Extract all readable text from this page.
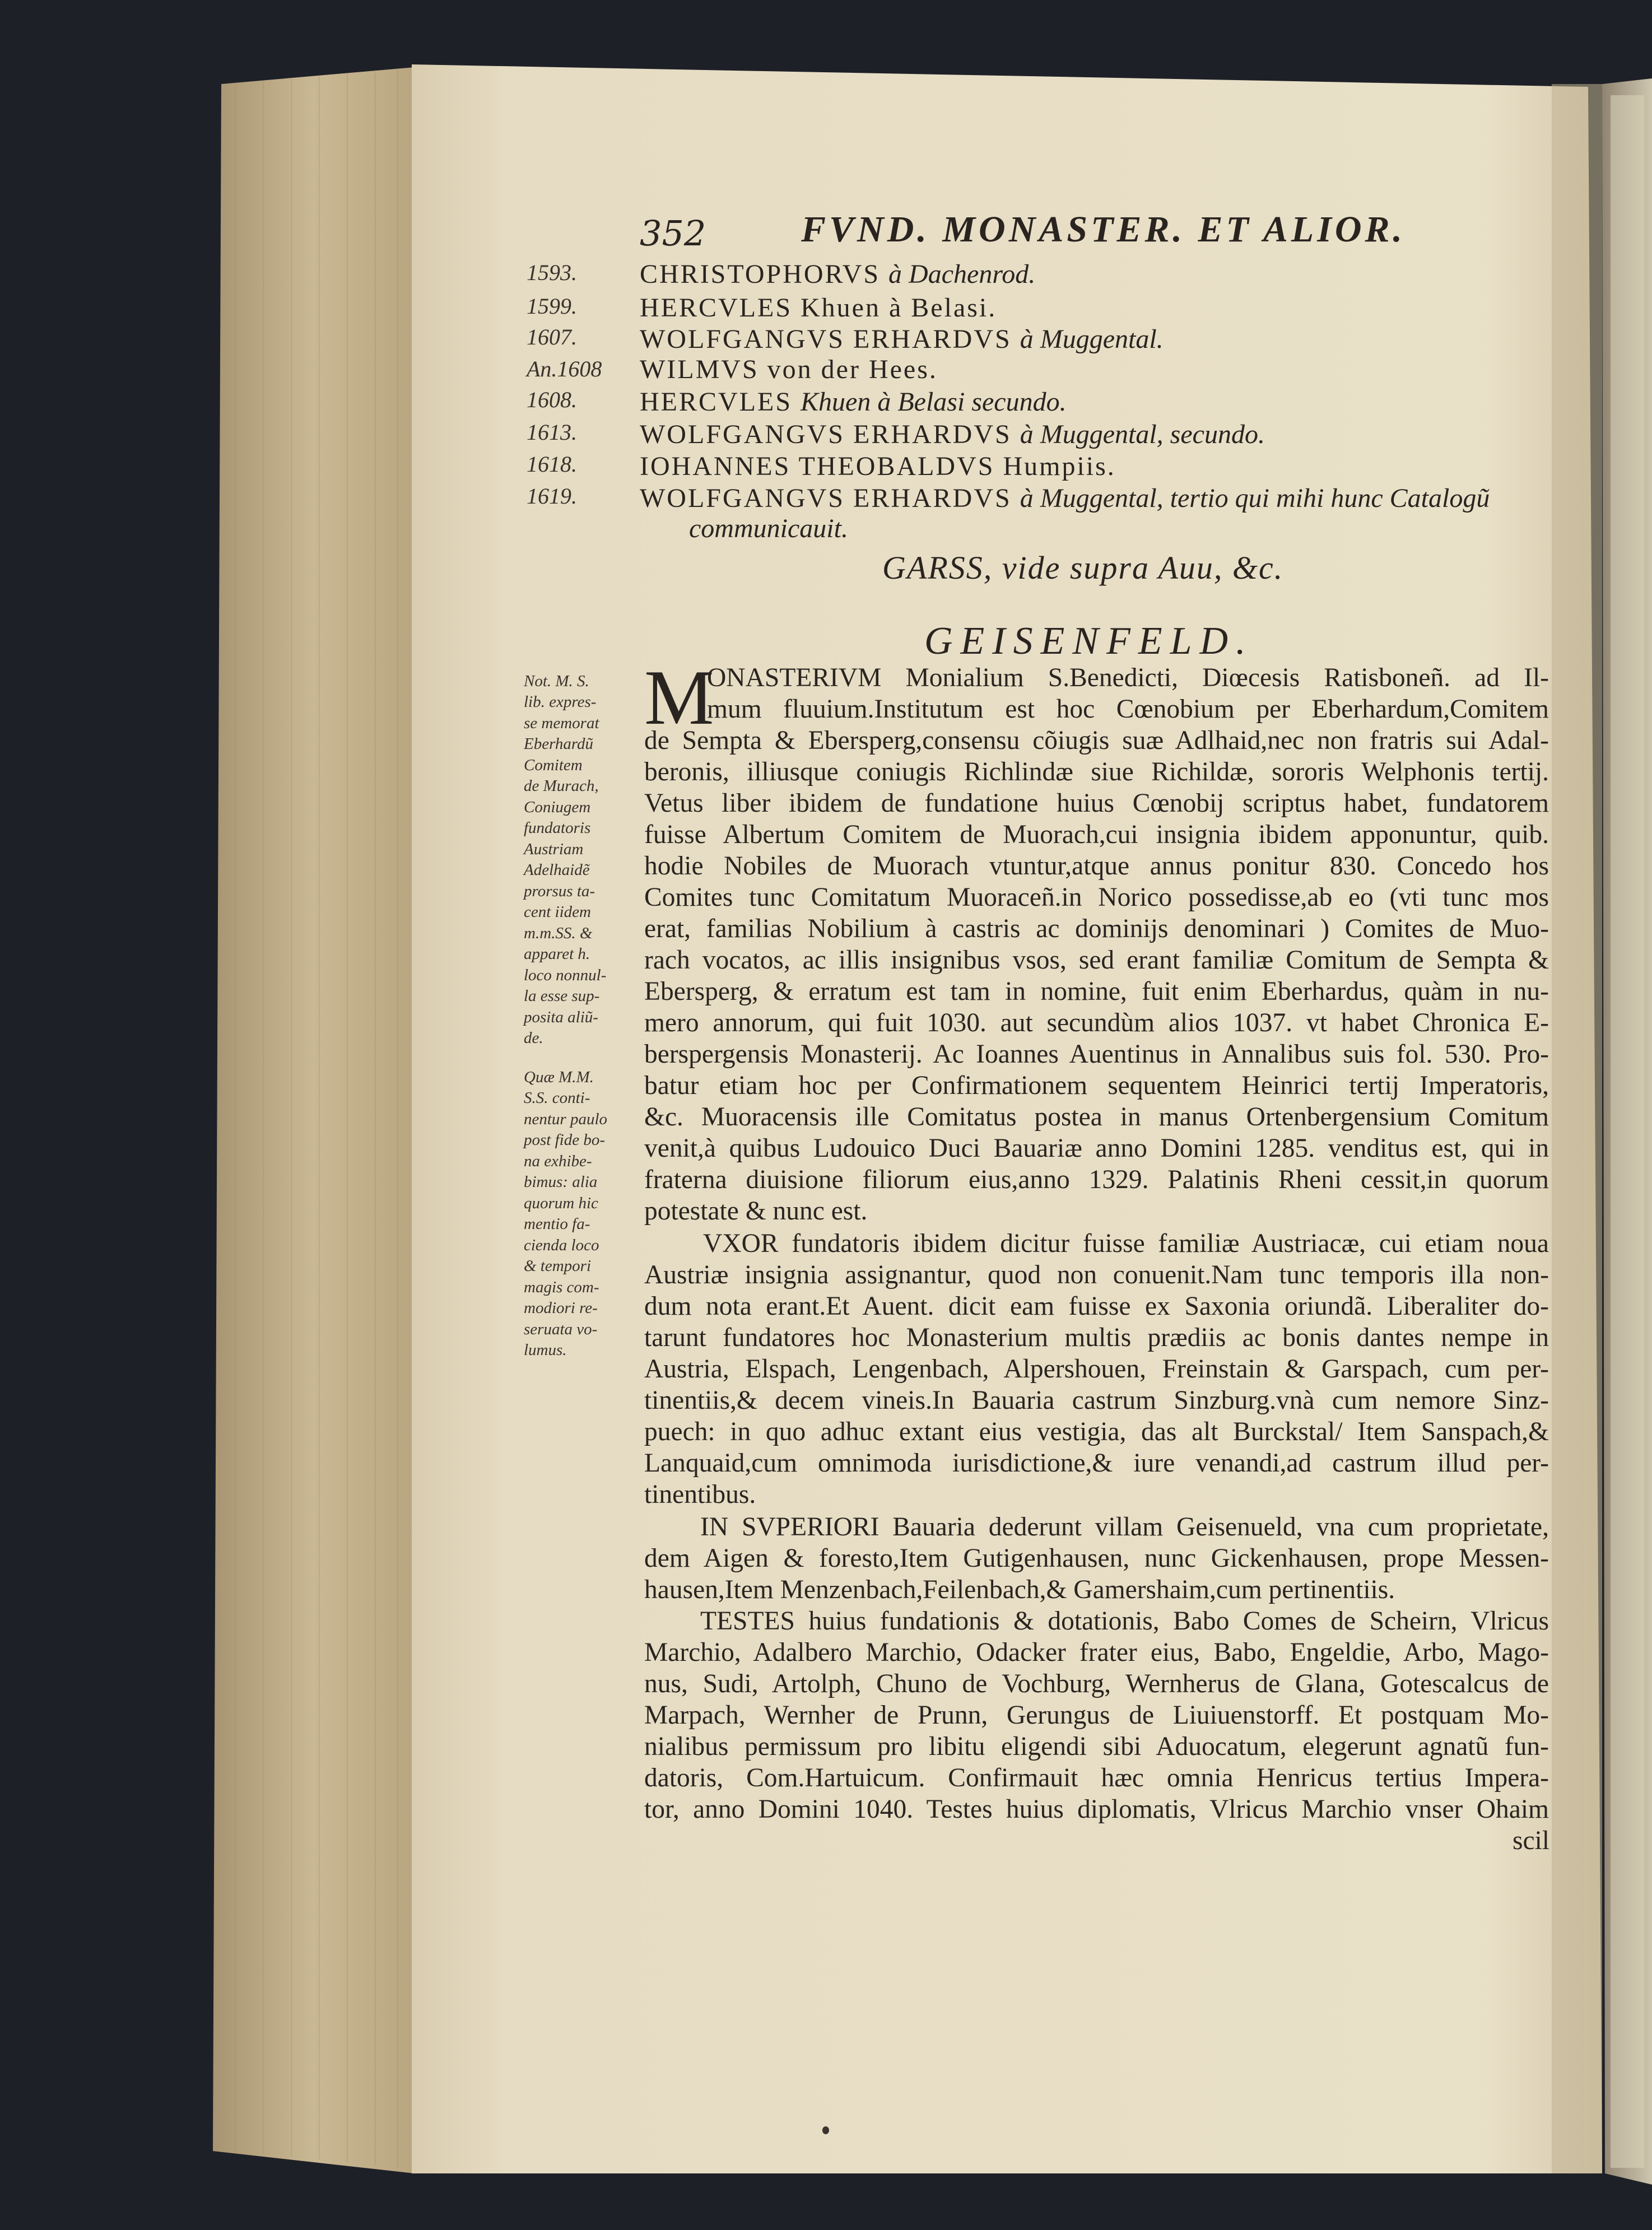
352	FVND. MONASTER. ET ALIOR.
1593. CHRISTOPHORVS à Dachenrod.
1599. HERCVLES Khuen à Belasi.
1607. WOLFGANGVS ERHARDVS à Muggental.
An.1608 WILMVS von der Hees.
1608. HERCVLES Khuen à Belasi secundo.
1613. WOLFGANGVS ERHARDVS à Muggental, secundo.
1618. IOHANNES THEOBALDVS Humpiis.
1619. WOLFGANGVS ERHARDVS à Muggental, tertio qui mihi hunc Catalogũ
communicauit.
GARSS, vide supra Auu, &c.
GEISENFELD.
M
ONASTERIVM Monialium S.Benedicti, Diœcesis Ratisboneñ. ad Il-
mum fluuium.Institutum est hoc Cœnobium per Eberhardum,Comitem
de Sempta & Ebersperg,consensu cõiugis suæ Adlhaid,nec non fratris sui Adal-
beronis, illiusque coniugis Richlindæ siue Richildæ, sororis Welphonis tertij.
Vetus liber ibidem de fundatione huius Cœnobij scriptus habet, fundatorem
fuisse Albertum Comitem de Muorach,cui insignia ibidem apponuntur, quib.
hodie Nobiles de Muorach vtuntur,atque annus ponitur 830. Concedo hos
Comites tunc Comitatum Muoraceñ.in Norico possedisse,ab eo (vti tunc mos
erat, familias Nobilium à castris ac dominijs denominari ) Comites de Muo-
rach vocatos, ac illis insignibus vsos, sed erant familiæ Comitum de Sempta &
Ebersperg, & erratum est tam in nomine, fuit enim Eberhardus, quàm in nu-
mero annorum, qui fuit 1030. aut secundùm alios 1037. vt habet Chronica E-
berspergensis Monasterij. Ac Ioannes Auentinus in Annalibus suis fol. 530. Pro-
batur etiam hoc per Confirmationem sequentem Heinrici tertij Imperatoris,
&c. Muoracensis ille Comitatus postea in manus Ortenbergensium Comitum
venit,à quibus Ludouico Duci Bauariæ anno Domini 1285. venditus est, qui in
fraterna diuisione filiorum eius,anno 1329. Palatinis Rheni cessit,in quorum
potestate & nunc est.
VXOR fundatoris ibidem dicitur fuisse familiæ Austriacæ, cui etiam noua
Austriæ insignia assignantur, quod non conuenit.Nam tunc temporis illa non-
dum nota erant.Et Auent. dicit eam fuisse ex Saxonia oriundã. Liberaliter do-
tarunt fundatores hoc Monasterium multis prædiis ac bonis dantes nempe in
Austria, Elspach, Lengenbach, Alpershouen, Freinstain & Garspach, cum per-
tinentiis,& decem vineis.In Bauaria castrum Sinzburg.vnà cum nemore Sinz-
puech: in quo adhuc extant eius vestigia, das alt Burckstal/ Item Sanspach,&
Lanquaid,cum omnimoda iurisdictione,& iure venandi,ad castrum illud per-
tinentibus.
IN SVPERIORI Bauaria dederunt villam Geisenueld, vna cum proprietate,
dem Aigen & foresto,Item Gutigenhausen, nunc Gickenhausen, prope Messen-
hausen,Item Menzenbach,Feilenbach,& Gamershaim,cum pertinentiis.
TESTES huius fundationis & dotationis, Babo Comes de Scheirn, Vlricus
Marchio, Adalbero Marchio, Odacker frater eius, Babo, Engeldie, Arbo, Mago-
nus, Sudi, Artolph, Chuno de Vochburg, Wernherus de Glana, Gotescalcus de
Marpach, Wernher de Prunn, Gerungus de Liuiuenstorff. Et postquam Mo-
nialibus permissum pro libitu eligendi sibi Aduocatum, elegerunt agnatũ fun-
datoris, Com.Hartuicum. Confirmauit hæc omnia Henricus tertius Impera-
tor, anno Domini 1040. Testes huius diplomatis, Vlricus Marchio vnser Ohaim
scil
Not. M. S.
lib. expres-
se memorat
Eberhardũ
Comitem
de Murach,
Coniugem
fundatoris
Austriam
Adelhaidẽ
prorsus ta-
cent iidem
m.m.SS. &
apparet h.
loco nonnul-
la esse sup-
posita aliũ-
de.
Quæ M.M.
S.S. conti-
nentur paulo
post fide bo-
na exhibe-
bimus: alia
quorum hic
mentio fa-
cienda loco
& tempori
magis com-
modiori re-
seruata vo-
lumus.
